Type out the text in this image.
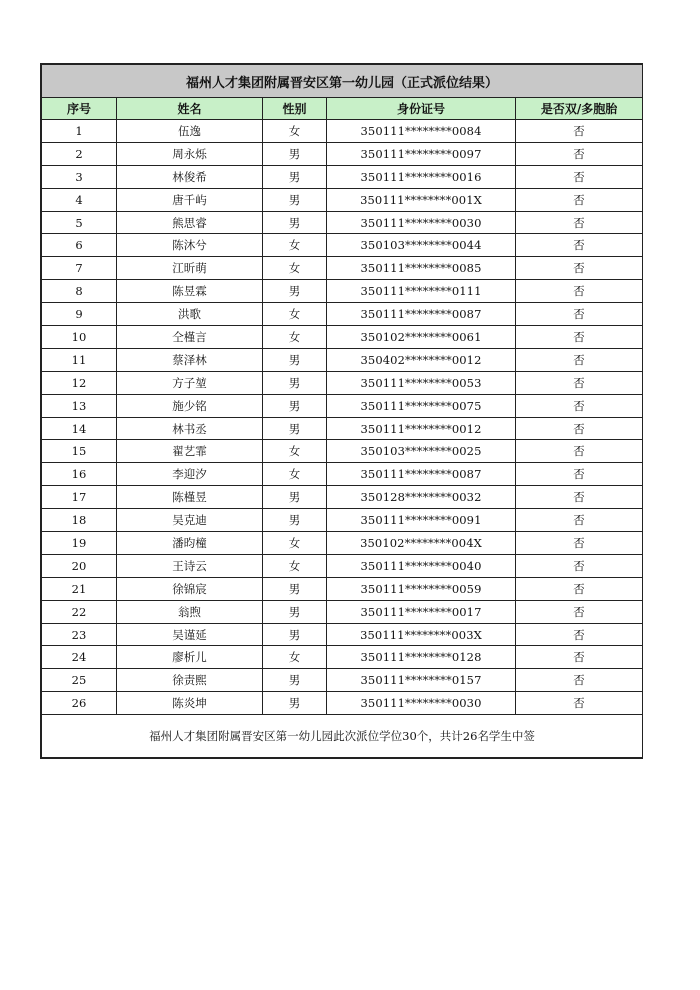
福州人才集团附属晋安区第一幼儿园（正式派位结果）				
序号	姓名	性别	身份证号	是否双/多胞胎
1	伍逸	女	350111********0084	否
2	周永烁	男	350111********0097	否
3	林俊希	男	350111********0016	否
4	唐千屿	男	350111********001X	否
5	熊思睿	男	350111********0030	否
6	陈沐兮	女	350103********0044	否
7	江昕萌	女	350111********0085	否
8	陈昱霖	男	350111********0111	否
9	洪歌	女	350111********0087	否
10	仝槿言	女	350102********0061	否
11	蔡泽林	男	350402********0012	否
12	方子堃	男	350111********0053	否
13	施少铭	男	350111********0075	否
14	林书丞	男	350111********0012	否
15	翟艺霏	女	350103********0025	否
16	李迎汐	女	350111********0087	否
17	陈槿昱	男	350128********0032	否
18	吴克迪	男	350111********0091	否
19	潘昀橦	女	350102********004X	否
20	王诗云	女	350111********0040	否
21	徐锦宸	男	350111********0059	否
22	翁煦	男	350111********0017	否
23	吴谨延	男	350111********003X	否
24	廖析儿	女	350111********0128	否
25	徐责熙	男	350111********0157	否
26	陈炎坤	男	350111********0030	否
福州人才集团附属晋安区第一幼儿园此次派位学位30个，共计26名学生中签				
